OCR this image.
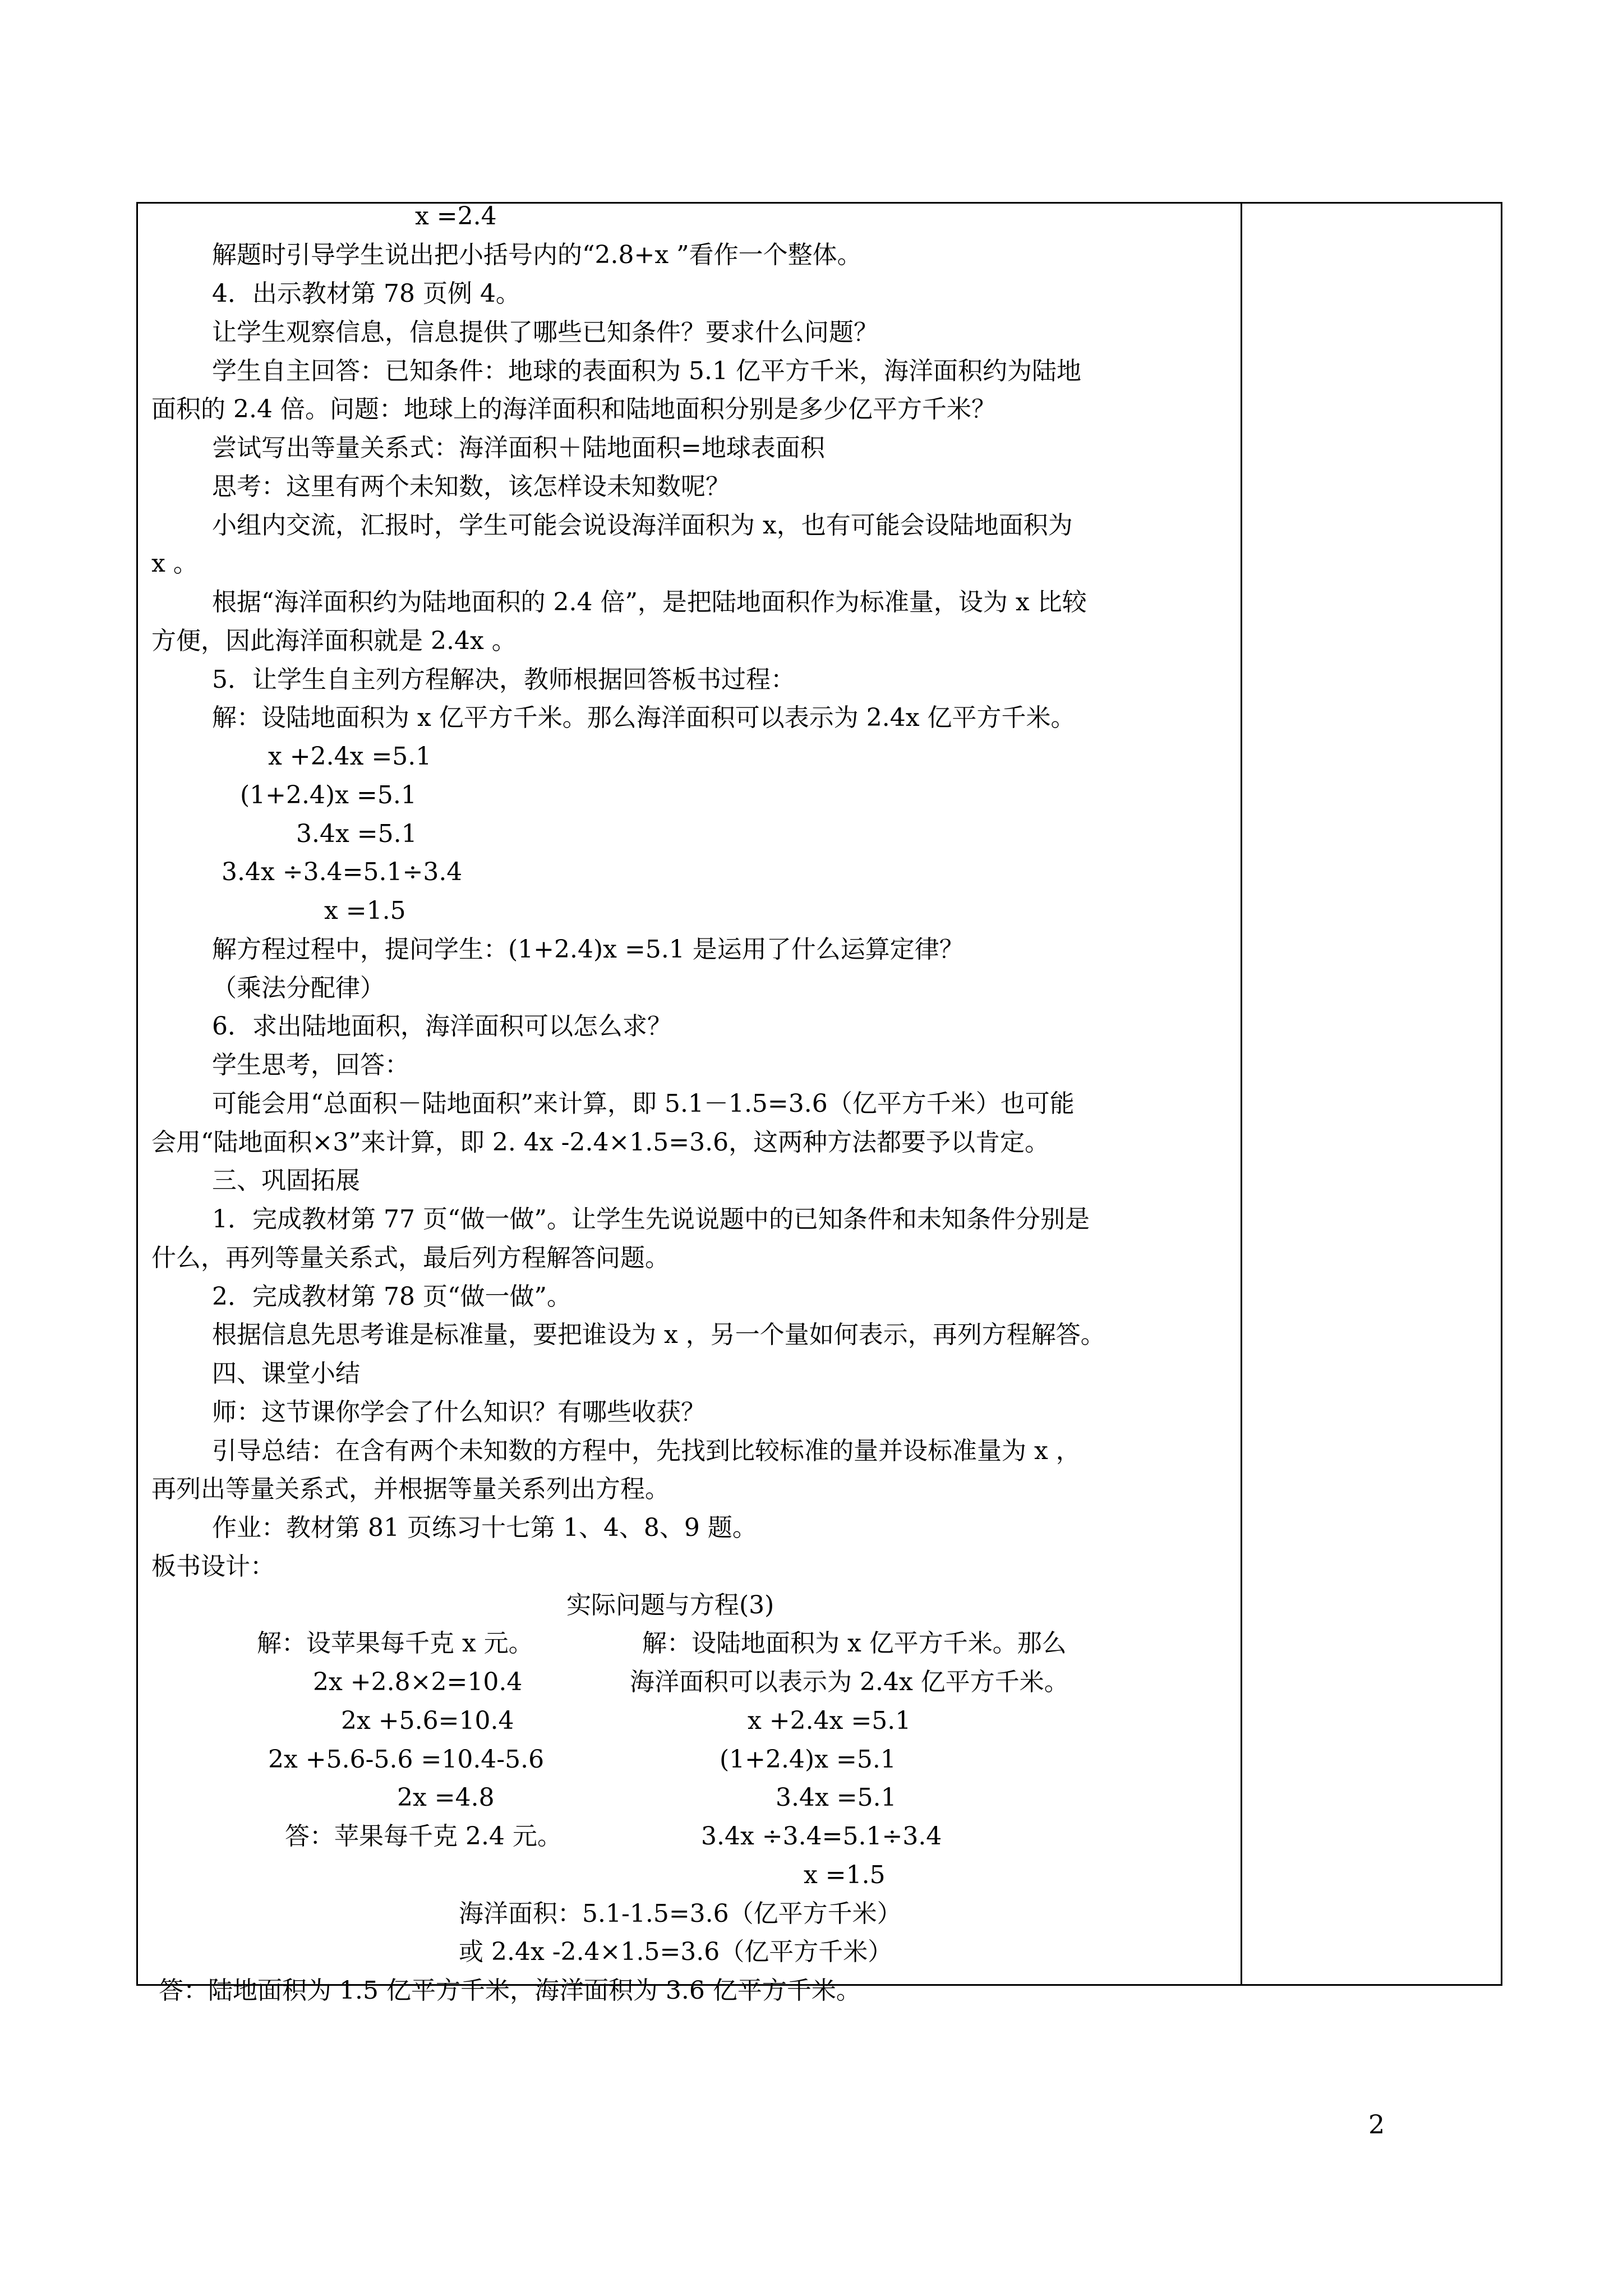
x =2.4
解题时引导学生说出把小括号内的“2.8+x ”看作一个整体。
4．出示教材第 78 页例 4。
让学生观察信息，信息提供了哪些已知条件？要求什么问题？
学生自主回答：已知条件：地球的表面积为 5.1 亿平方千米，海洋面积约为陆地
面积的 2.4 倍。问题：地球上的海洋面积和陆地面积分别是多少亿平方千米？
尝试写出等量关系式：海洋面积＋陆地面积=地球表面积
思考：这里有两个未知数，该怎样设未知数呢？
小组内交流，汇报时，学生可能会说设海洋面积为 x，也有可能会设陆地面积为
x 。
根据“海洋面积约为陆地面积的 2.4 倍”，是把陆地面积作为标准量，设为 x 比较
方便，因此海洋面积就是 2.4x 。
5．让学生自主列方程解决，教师根据回答板书过程：
解：设陆地面积为 x 亿平方千米。那么海洋面积可以表示为 2.4x 亿平方千米。
x +2.4x =5.1
(1+2.4)x =5.1
3.4x =5.1
3.4x ÷3.4=5.1÷3.4
x =1.5
解方程过程中，提问学生：(1+2.4)x =5.1 是运用了什么运算定律？
（乘法分配律）
6．求出陆地面积，海洋面积可以怎么求？
学生思考，回答：
可能会用“总面积－陆地面积”来计算，即 5.1－1.5=3.6（亿平方千米）也可能
会用“陆地面积×3”来计算，即 2. 4x -2.4×1.5=3.6，这两种方法都要予以肯定。
三、巩固拓展
1．完成教材第 77 页“做一做”。让学生先说说题中的已知条件和未知条件分别是
什么，再列等量关系式，最后列方程解答问题。
2．完成教材第 78 页“做一做”。
根据信息先思考谁是标准量，要把谁设为 x ，另一个量如何表示，再列方程解答。
四、课堂小结
师：这节课你学会了什么知识？有哪些收获？
引导总结：在含有两个未知数的方程中，先找到比较标准的量并设标准量为 x ，
再列出等量关系式，并根据等量关系列出方程。
作业：教材第 81 页练习十七第 1、4、8、9 题。
板书设计：
实际问题与方程(3)
解：设苹果每千克 x 元。	解：设陆地面积为 x 亿平方千米。那么
2x +2.8×2=10.4	海洋面积可以表示为 2.4x 亿平方千米。
2x +5.6=10.4	x +2.4x =5.1
2x +5.6-5.6 =10.4-5.6	(1+2.4)x =5.1
2x =4.8	3.4x =5.1
答：苹果每千克 2.4 元。	3.4x ÷3.4=5.1÷3.4
x =1.5
海洋面积：5.1-1.5=3.6（亿平方千米）
或 2.4x -2.4×1.5=3.6（亿平方千米）
答：陆地面积为 1.5 亿平方千米，海洋面积为 3.6 亿平方千米。
2
